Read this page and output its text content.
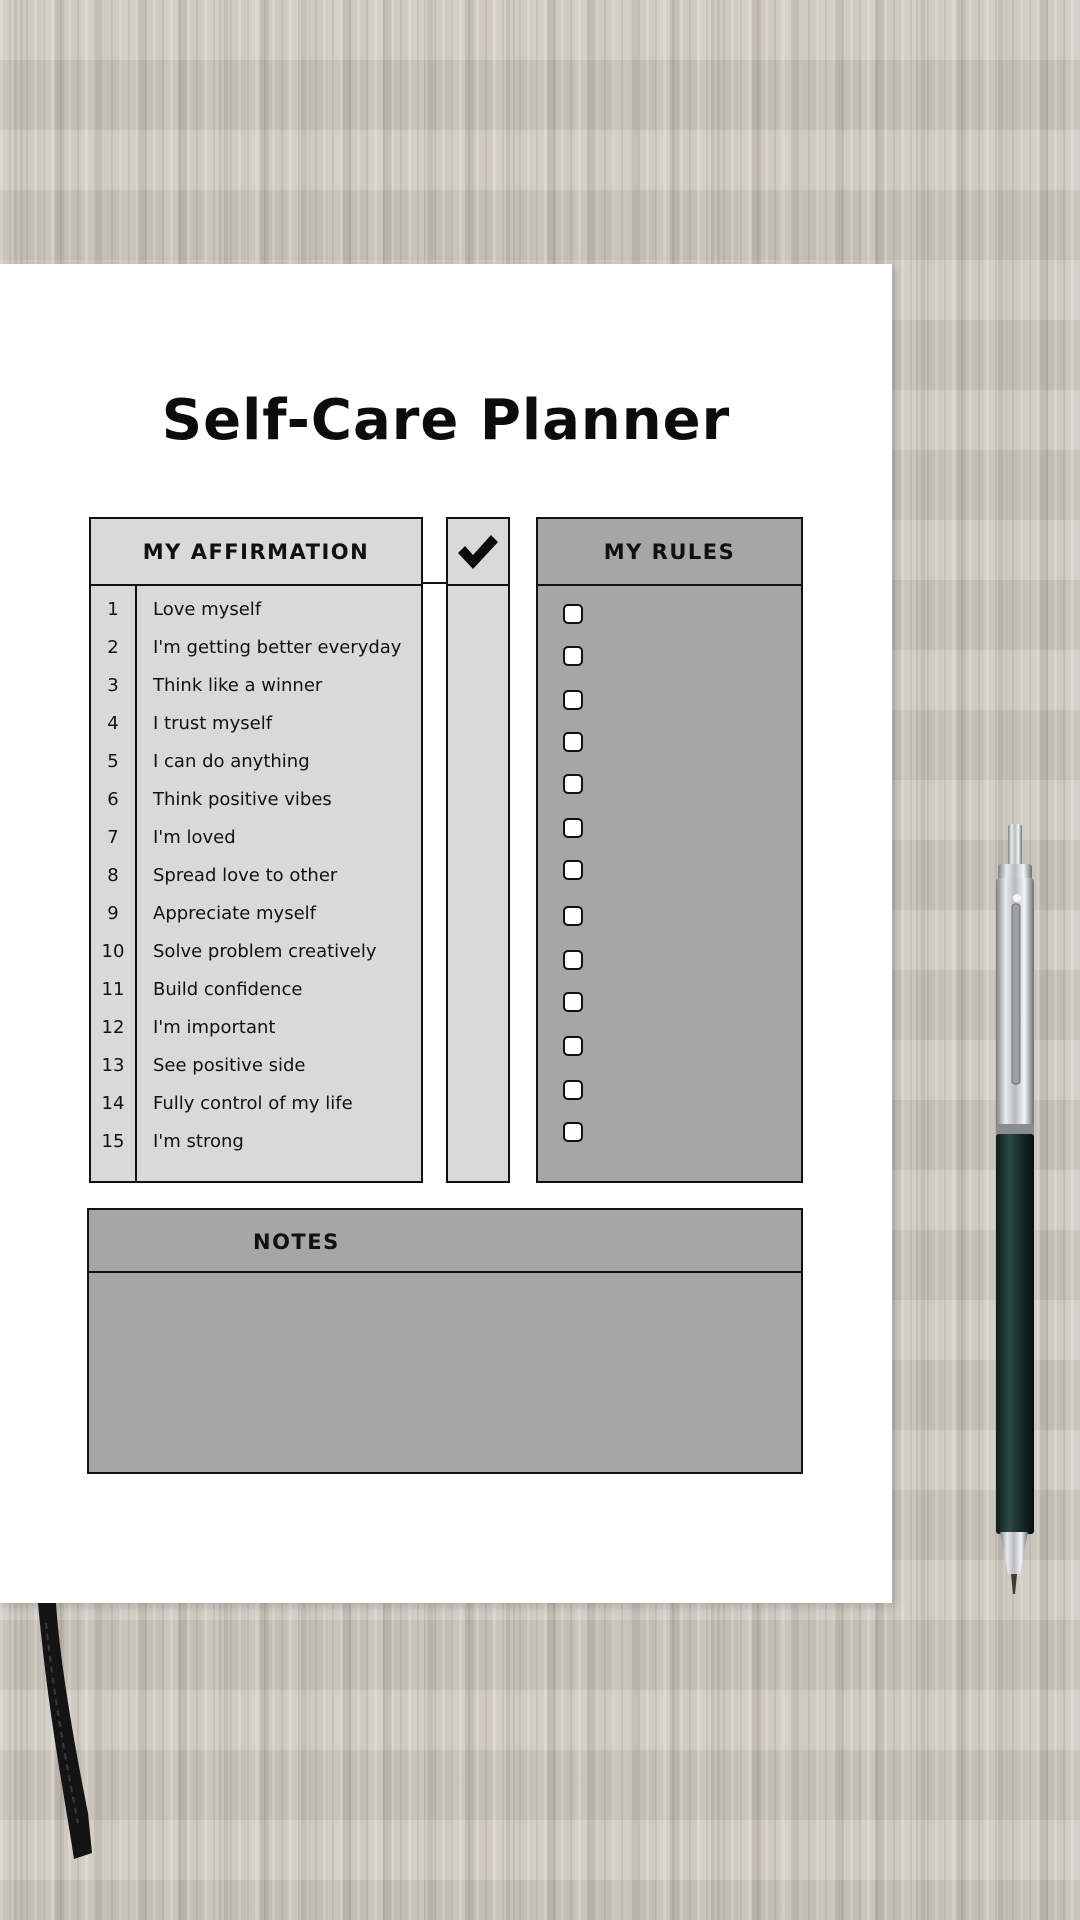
Self-Care Planner
MY AFFIRMATION
1	Love myself
2	I'm getting better everyday
3	Think like a winner
4	I trust myself
5	I can do anything
6	Think positive vibes
7	I'm loved
8	Spread love to other
9	Appreciate myself
10	Solve problem creatively
11	Build confidence
12	I'm important
13	See positive side
14	Fully control of my life
15	I'm strong
MY RULES
NOTES
